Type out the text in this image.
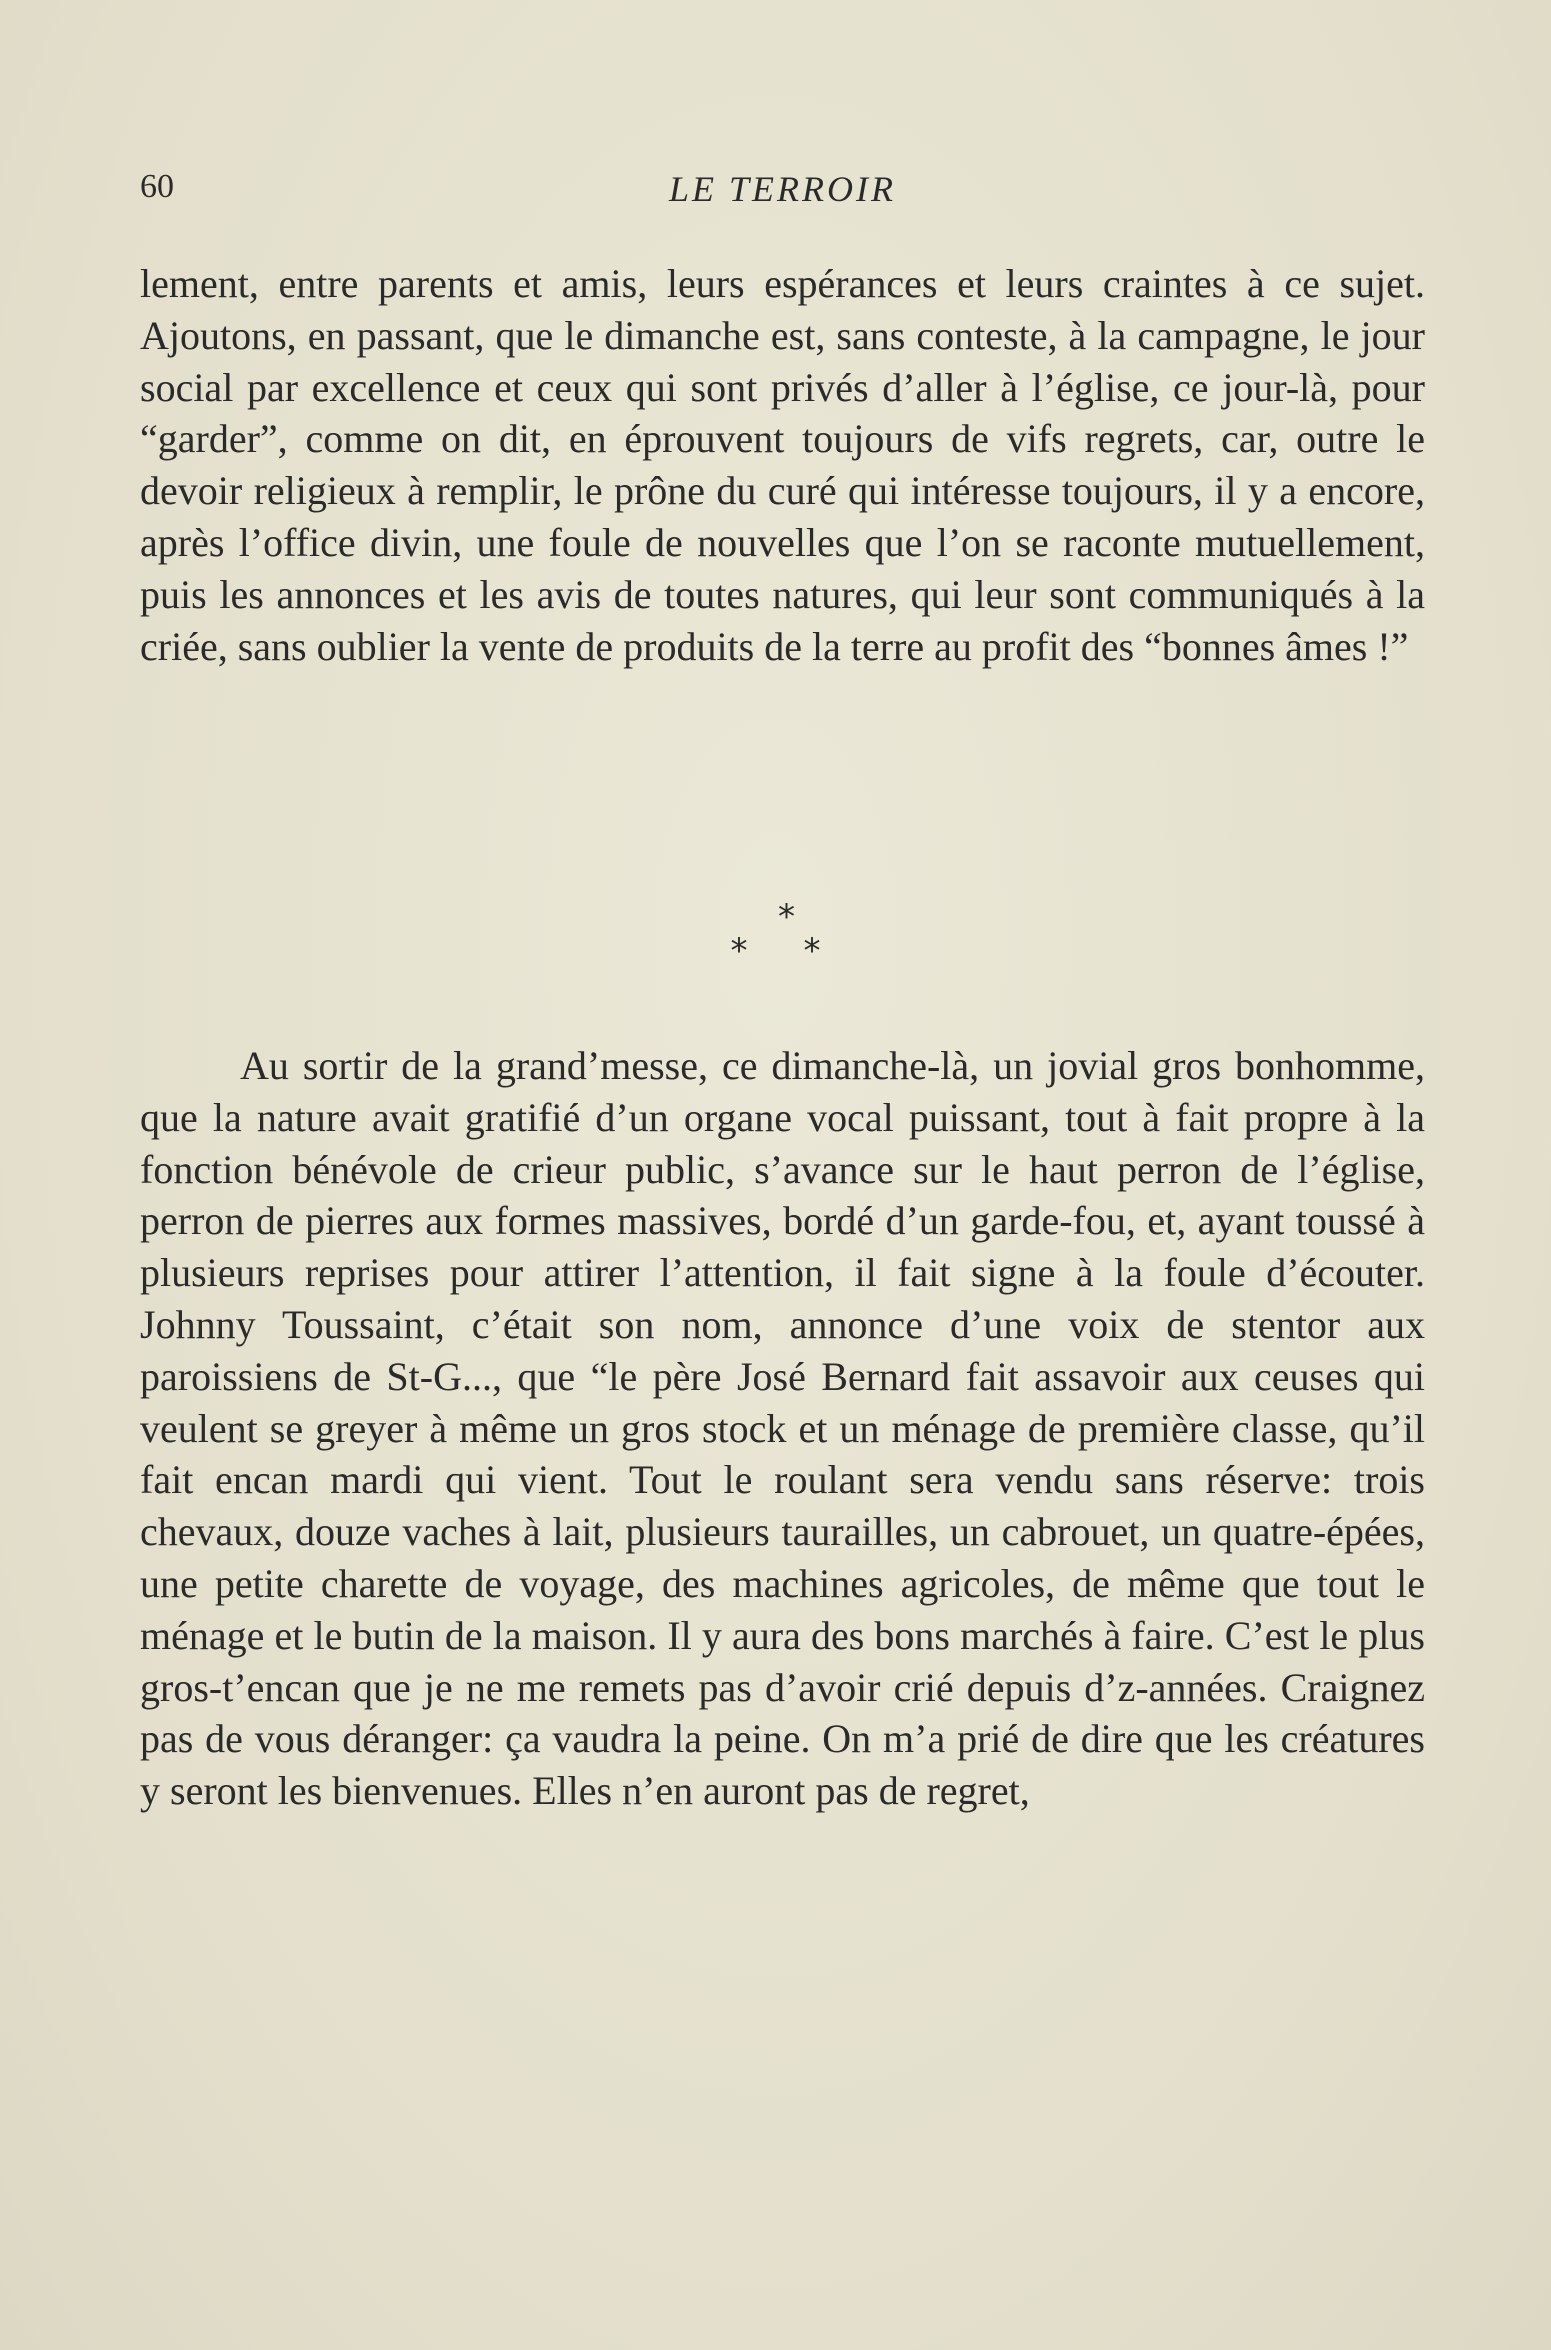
60	LE TERROIR

lement, entre parents et amis, leurs espérances et leurs craintes à ce sujet. Ajoutons, en passant, que le dimanche est, sans conteste, à la campagne, le jour social par excellence et ceux qui sont privés d’aller à l’église, ce jour-là, pour “garder”, comme on dit, en éprouvent toujours de vifs regrets, car, outre le devoir religieux à remplir, le prône du curé qui intéresse toujours, il y a encore, après l’office divin, une foule de nouvelles que l’on se raconte mutuellement, puis les annonces et les avis de toutes natures, qui leur sont communiqués à la criée, sans oublier la vente de produits de la terre au profit des “bonnes âmes !”

*
**

Au sortir de la grand’messe, ce dimanche-là, un jovial gros bonhomme, que la nature avait gratifié d’un organe vocal puissant, tout à fait propre à la fonction bénévole de crieur public, s’avance sur le haut perron de l’église, perron de pierres aux formes massives, bordé d’un garde-fou, et, ayant toussé à plusieurs reprises pour attirer l’attention, il fait signe à la foule d’écouter. Johnny Toussaint, c’était son nom, annonce d’une voix de stentor aux paroissiens de St-G..., que “le père José Bernard fait assavoir aux ceuses qui veulent se greyer à même un gros stock et un ménage de première classe, qu’il fait encan mardi qui vient. Tout le roulant sera vendu sans réserve: trois chevaux, douze vaches à lait, plusieurs taurailles, un cabrouet, un quatre-épées, une petite charette de voyage, des machines agricoles, de même que tout le ménage et le butin de la maison. Il y aura des bons marchés à faire. C’est le plus gros-t’encan que je ne me remets pas d’avoir crié depuis d’z-années. Craignez pas de vous déranger: ça vaudra la peine. On m’a prié de dire que les créatures y seront les bienvenues. Elles n’en auront pas de regret,
